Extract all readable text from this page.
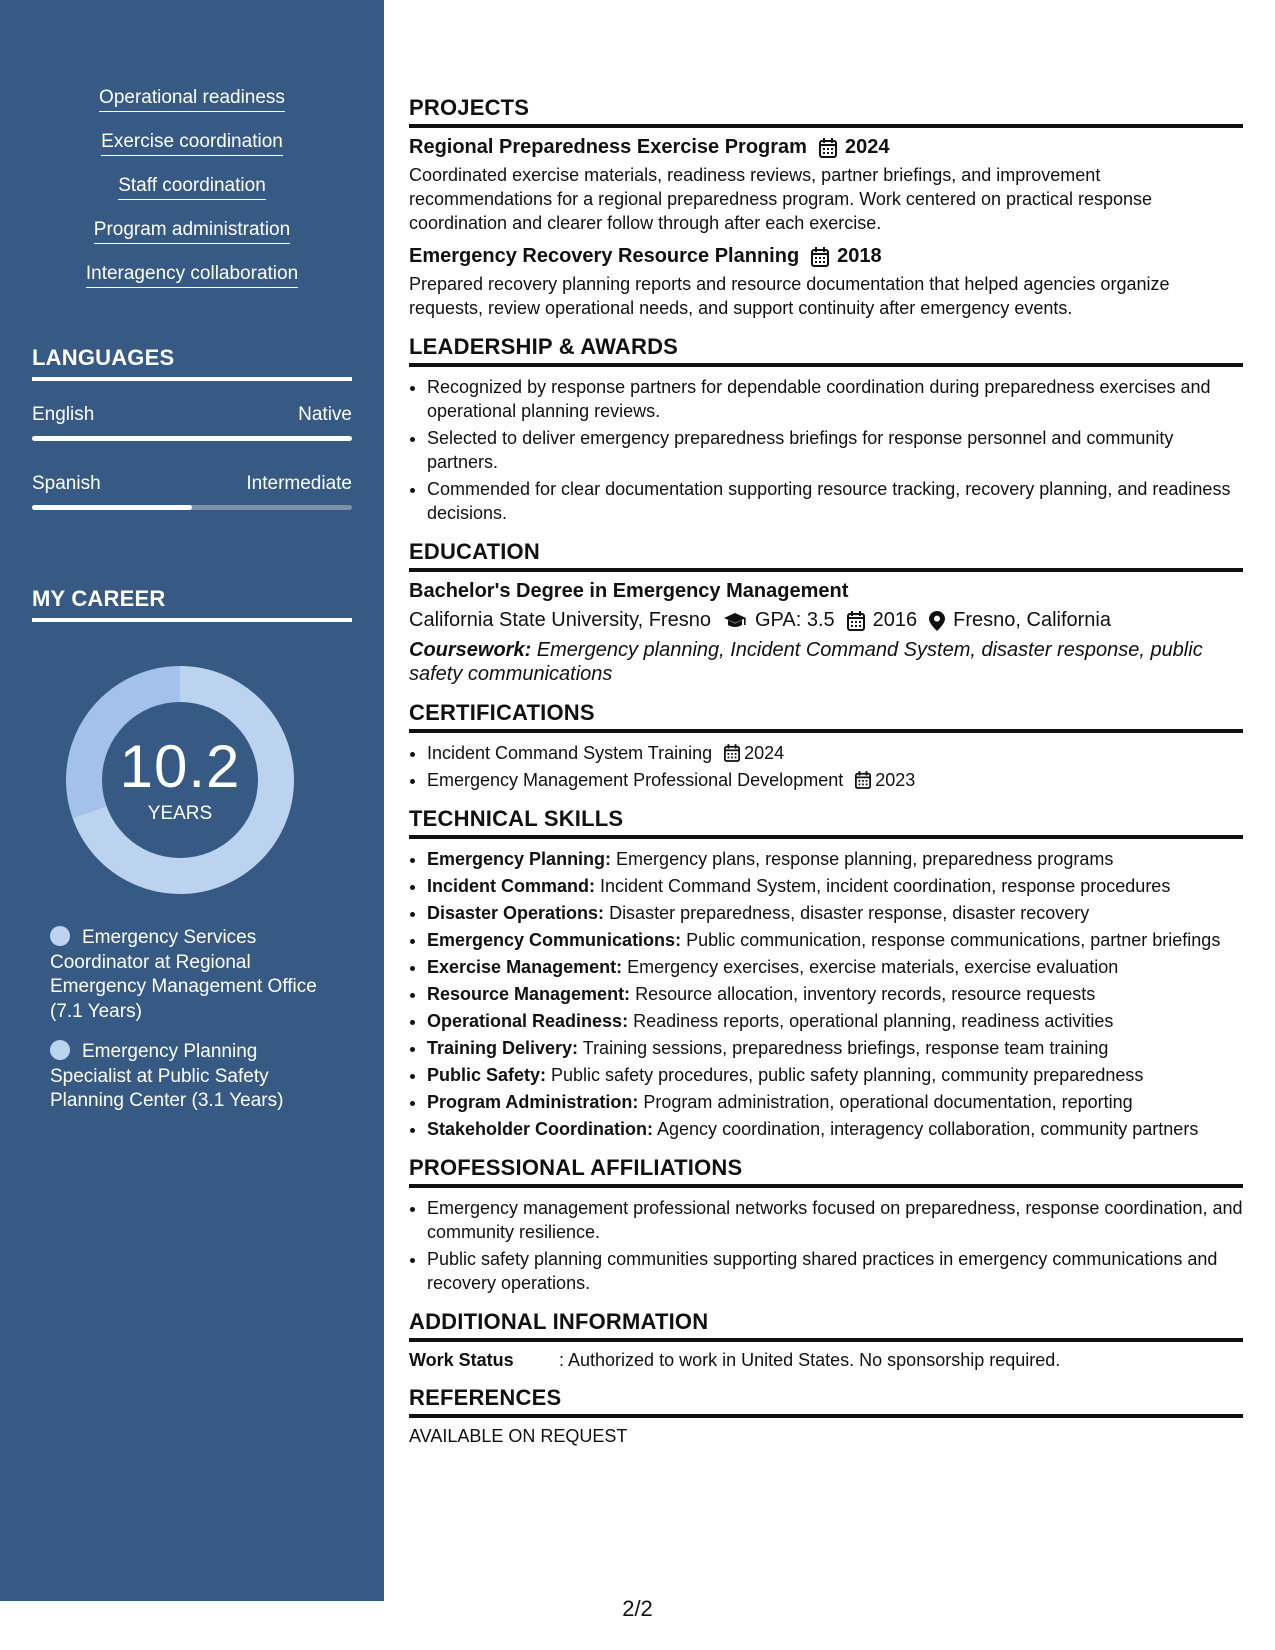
Operational readiness
Exercise coordination
Staff coordination
Program administration
Interagency collaboration
LANGUAGES
English	Native
Spanish	Intermediate
MY CAREER
10.2
YEARS
Emergency Services Coordinator at Regional Emergency Management Office (7.1 Years)
Emergency Planning Specialist at Public Safety Planning Center (3.1 Years)
PROJECTS
Regional Preparedness Exercise Program 2024
Coordinated exercise materials, readiness reviews, partner briefings, and improvement recommendations for a regional preparedness program. Work centered on practical response coordination and clearer follow through after each exercise.
Emergency Recovery Resource Planning 2018
Prepared recovery planning reports and resource documentation that helped agencies organize requests, review operational needs, and support continuity after emergency events.
LEADERSHIP & AWARDS
• Recognized by response partners for dependable coordination during preparedness exercises and operational planning reviews.
• Selected to deliver emergency preparedness briefings for response personnel and community partners.
• Commended for clear documentation supporting resource tracking, recovery planning, and readiness decisions.
EDUCATION
Bachelor's Degree in Emergency Management
California State University, Fresno GPA: 3.5 2016 Fresno, California
Coursework: Emergency planning, Incident Command System, disaster response, public safety communications
CERTIFICATIONS
• Incident Command System Training 2024
• Emergency Management Professional Development 2023
TECHNICAL SKILLS
• Emergency Planning: Emergency plans, response planning, preparedness programs
• Incident Command: Incident Command System, incident coordination, response procedures
• Disaster Operations: Disaster preparedness, disaster response, disaster recovery
• Emergency Communications: Public communication, response communications, partner briefings
• Exercise Management: Emergency exercises, exercise materials, exercise evaluation
• Resource Management: Resource allocation, inventory records, resource requests
• Operational Readiness: Readiness reports, operational planning, readiness activities
• Training Delivery: Training sessions, preparedness briefings, response team training
• Public Safety: Public safety procedures, public safety planning, community preparedness
• Program Administration: Program administration, operational documentation, reporting
• Stakeholder Coordination: Agency coordination, interagency collaboration, community partners
PROFESSIONAL AFFILIATIONS
• Emergency management professional networks focused on preparedness, response coordination, and community resilience.
• Public safety planning communities supporting shared practices in emergency communications and recovery operations.
ADDITIONAL INFORMATION
Work Status	: Authorized to work in United States. No sponsorship required.
REFERENCES
AVAILABLE ON REQUEST
2/2
